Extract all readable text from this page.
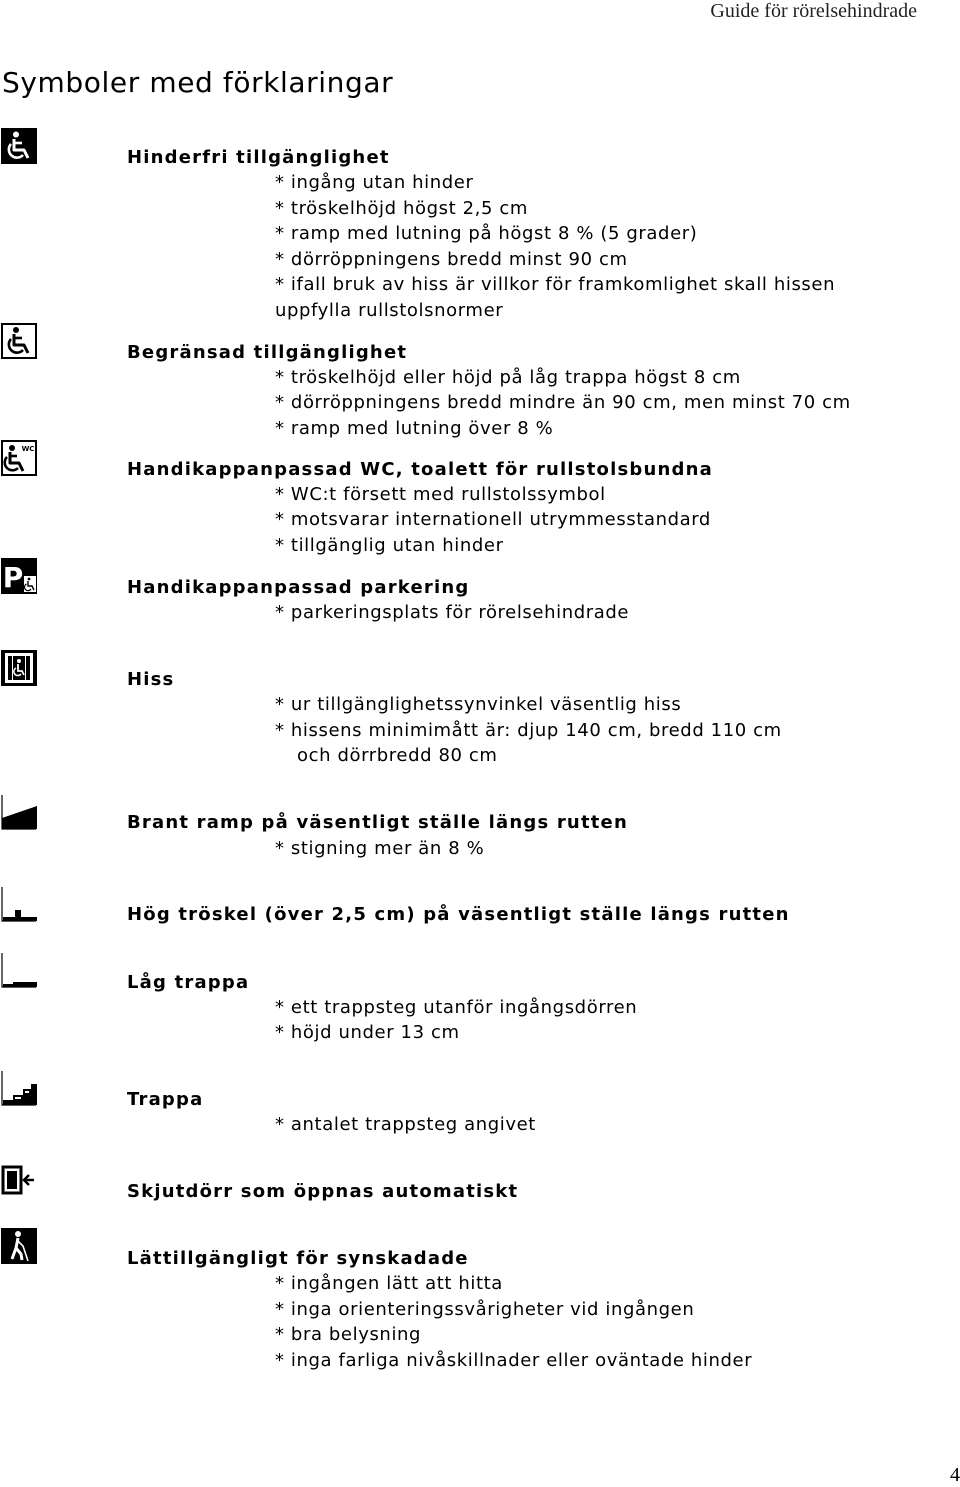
Guide för rörelsehindrade
Symboler med förklaringar
Hinderfri tillgänglighet
* ingång utan hinder
* tröskelhöjd högst 2,5 cm
* ramp med lutning på högst 8 % (5 grader)
* dörröppningens bredd minst 90 cm
* ifall bruk av hiss är villkor för framkomlighet skall hissen
uppfylla rullstolsnormer
Begränsad tillgänglighet
* tröskelhöjd eller höjd på låg trappa högst 8 cm
* dörröppningens bredd mindre än 90 cm, men minst 70 cm
* ramp med lutning över 8 %
WC
Handikappanpassad WC, toalett för rullstolsbundna
* WC:t försett med rullstolssymbol
* motsvarar internationell utrymmesstandard
* tillgänglig utan hinder
P	Handikappanpassad parkering
* parkeringsplats för rörelsehindrade
Hiss
* ur tillgänglighetssynvinkel väsentlig hiss
* hissens minimimått är: djup 140 cm, bredd 110 cm
och dörrbredd 80 cm
Brant ramp på väsentligt ställe längs rutten
* stigning mer än 8 %
Hög tröskel (över 2,5 cm) på väsentligt ställe längs rutten
Låg trappa
* ett trappsteg utanför ingångsdörren
* höjd under 13 cm
Trappa
* antalet trappsteg angivet
Skjutdörr som öppnas automatiskt
Lättillgängligt för synskadade
* ingången lätt att hitta
* inga orienteringssvårigheter vid ingången
* bra belysning
* inga farliga nivåskillnader eller oväntade hinder
4
